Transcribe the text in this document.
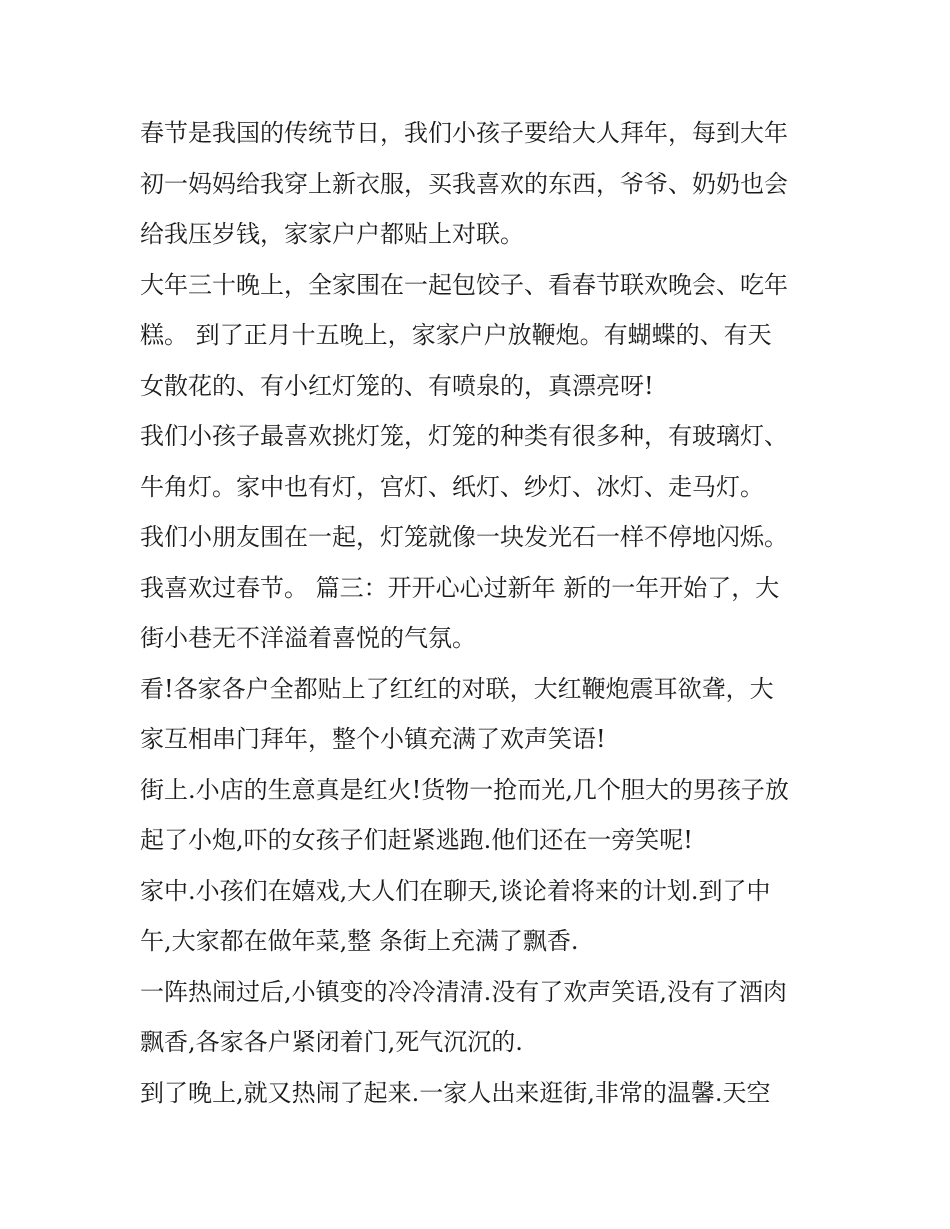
春节是我国的传统节日，我们小孩子要给大人拜年，每到大年
初一妈妈给我穿上新衣服，买我喜欢的东西，爷爷、奶奶也会
给我压岁钱，家家户户都贴上对联。
大年三十晚上，全家围在一起包饺子、看春节联欢晚会、吃年
糕。 到了正月十五晚上，家家户户放鞭炮。有蝴蝶的、有天
女散花的、有小红灯笼的、有喷泉的，真漂亮呀!
我们小孩子最喜欢挑灯笼，灯笼的种类有很多种，有玻璃灯、
牛角灯。家中也有灯，宫灯、纸灯、纱灯、冰灯、走马灯。
我们小朋友围在一起，灯笼就像一块发光石一样不停地闪烁。
我喜欢过春节。 篇三：开开心心过新年 新的一年开始了，大
街小巷无不洋溢着喜悦的气氛。
看!各家各户全都贴上了红红的对联，大红鞭炮震耳欲聋，大
家互相串门拜年，整个小镇充满了欢声笑语!
街上.小店的生意真是红火!货物一抢而光,几个胆大的男孩子放
起了小炮,吓的女孩子们赶紧逃跑.他们还在一旁笑呢!
家中.小孩们在嬉戏,大人们在聊天,谈论着将来的计划.到了中
午,大家都在做年菜,整 条街上充满了飘香.
一阵热闹过后,小镇变的冷冷清清.没有了欢声笑语,没有了酒肉
飘香,各家各户紧闭着门,死气沉沉的.
到了晚上,就又热闹了起来.一家人出来逛街,非常的温馨.天空
